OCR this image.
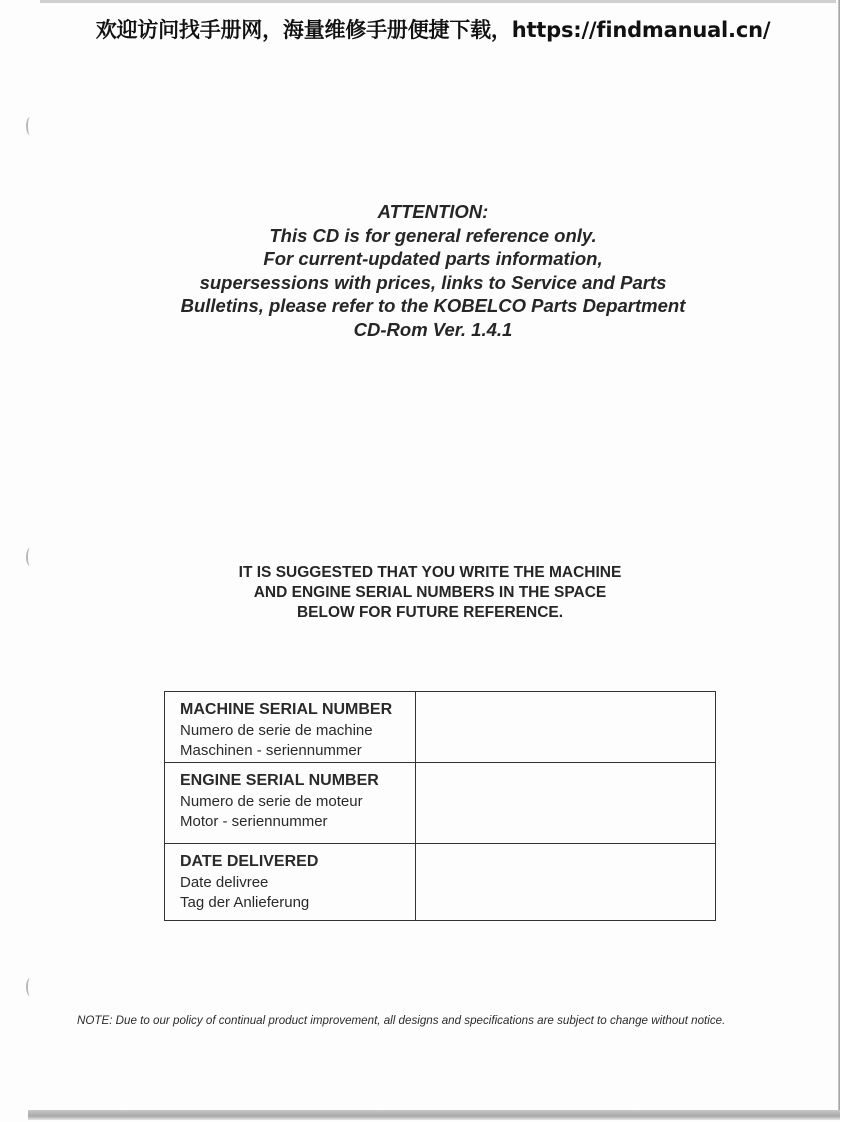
欢迎访问找手册网，海量维修手册便捷下载，https://findmanual.cn/
ATTENTION:
This CD is for general reference only.
For current-updated parts information,
supersessions with prices, links to Service and Parts
Bulletins, please refer to the KOBELCO Parts Department
CD-Rom Ver. 1.4.1
IT IS SUGGESTED THAT YOU WRITE THE MACHINE
AND ENGINE SERIAL NUMBERS IN THE SPACE
BELOW FOR FUTURE REFERENCE.
MACHINE SERIAL NUMBER
Numero de serie de machine
Maschinen - seriennummer	

ENGINE SERIAL NUMBER
Numero de serie de moteur
Motor - seriennummer	

DATE DELIVERED
Date delivree
Tag der Anlieferung	

NOTE: Due to our policy of continual product improvement, all designs and specifications are subject to change without notice.
